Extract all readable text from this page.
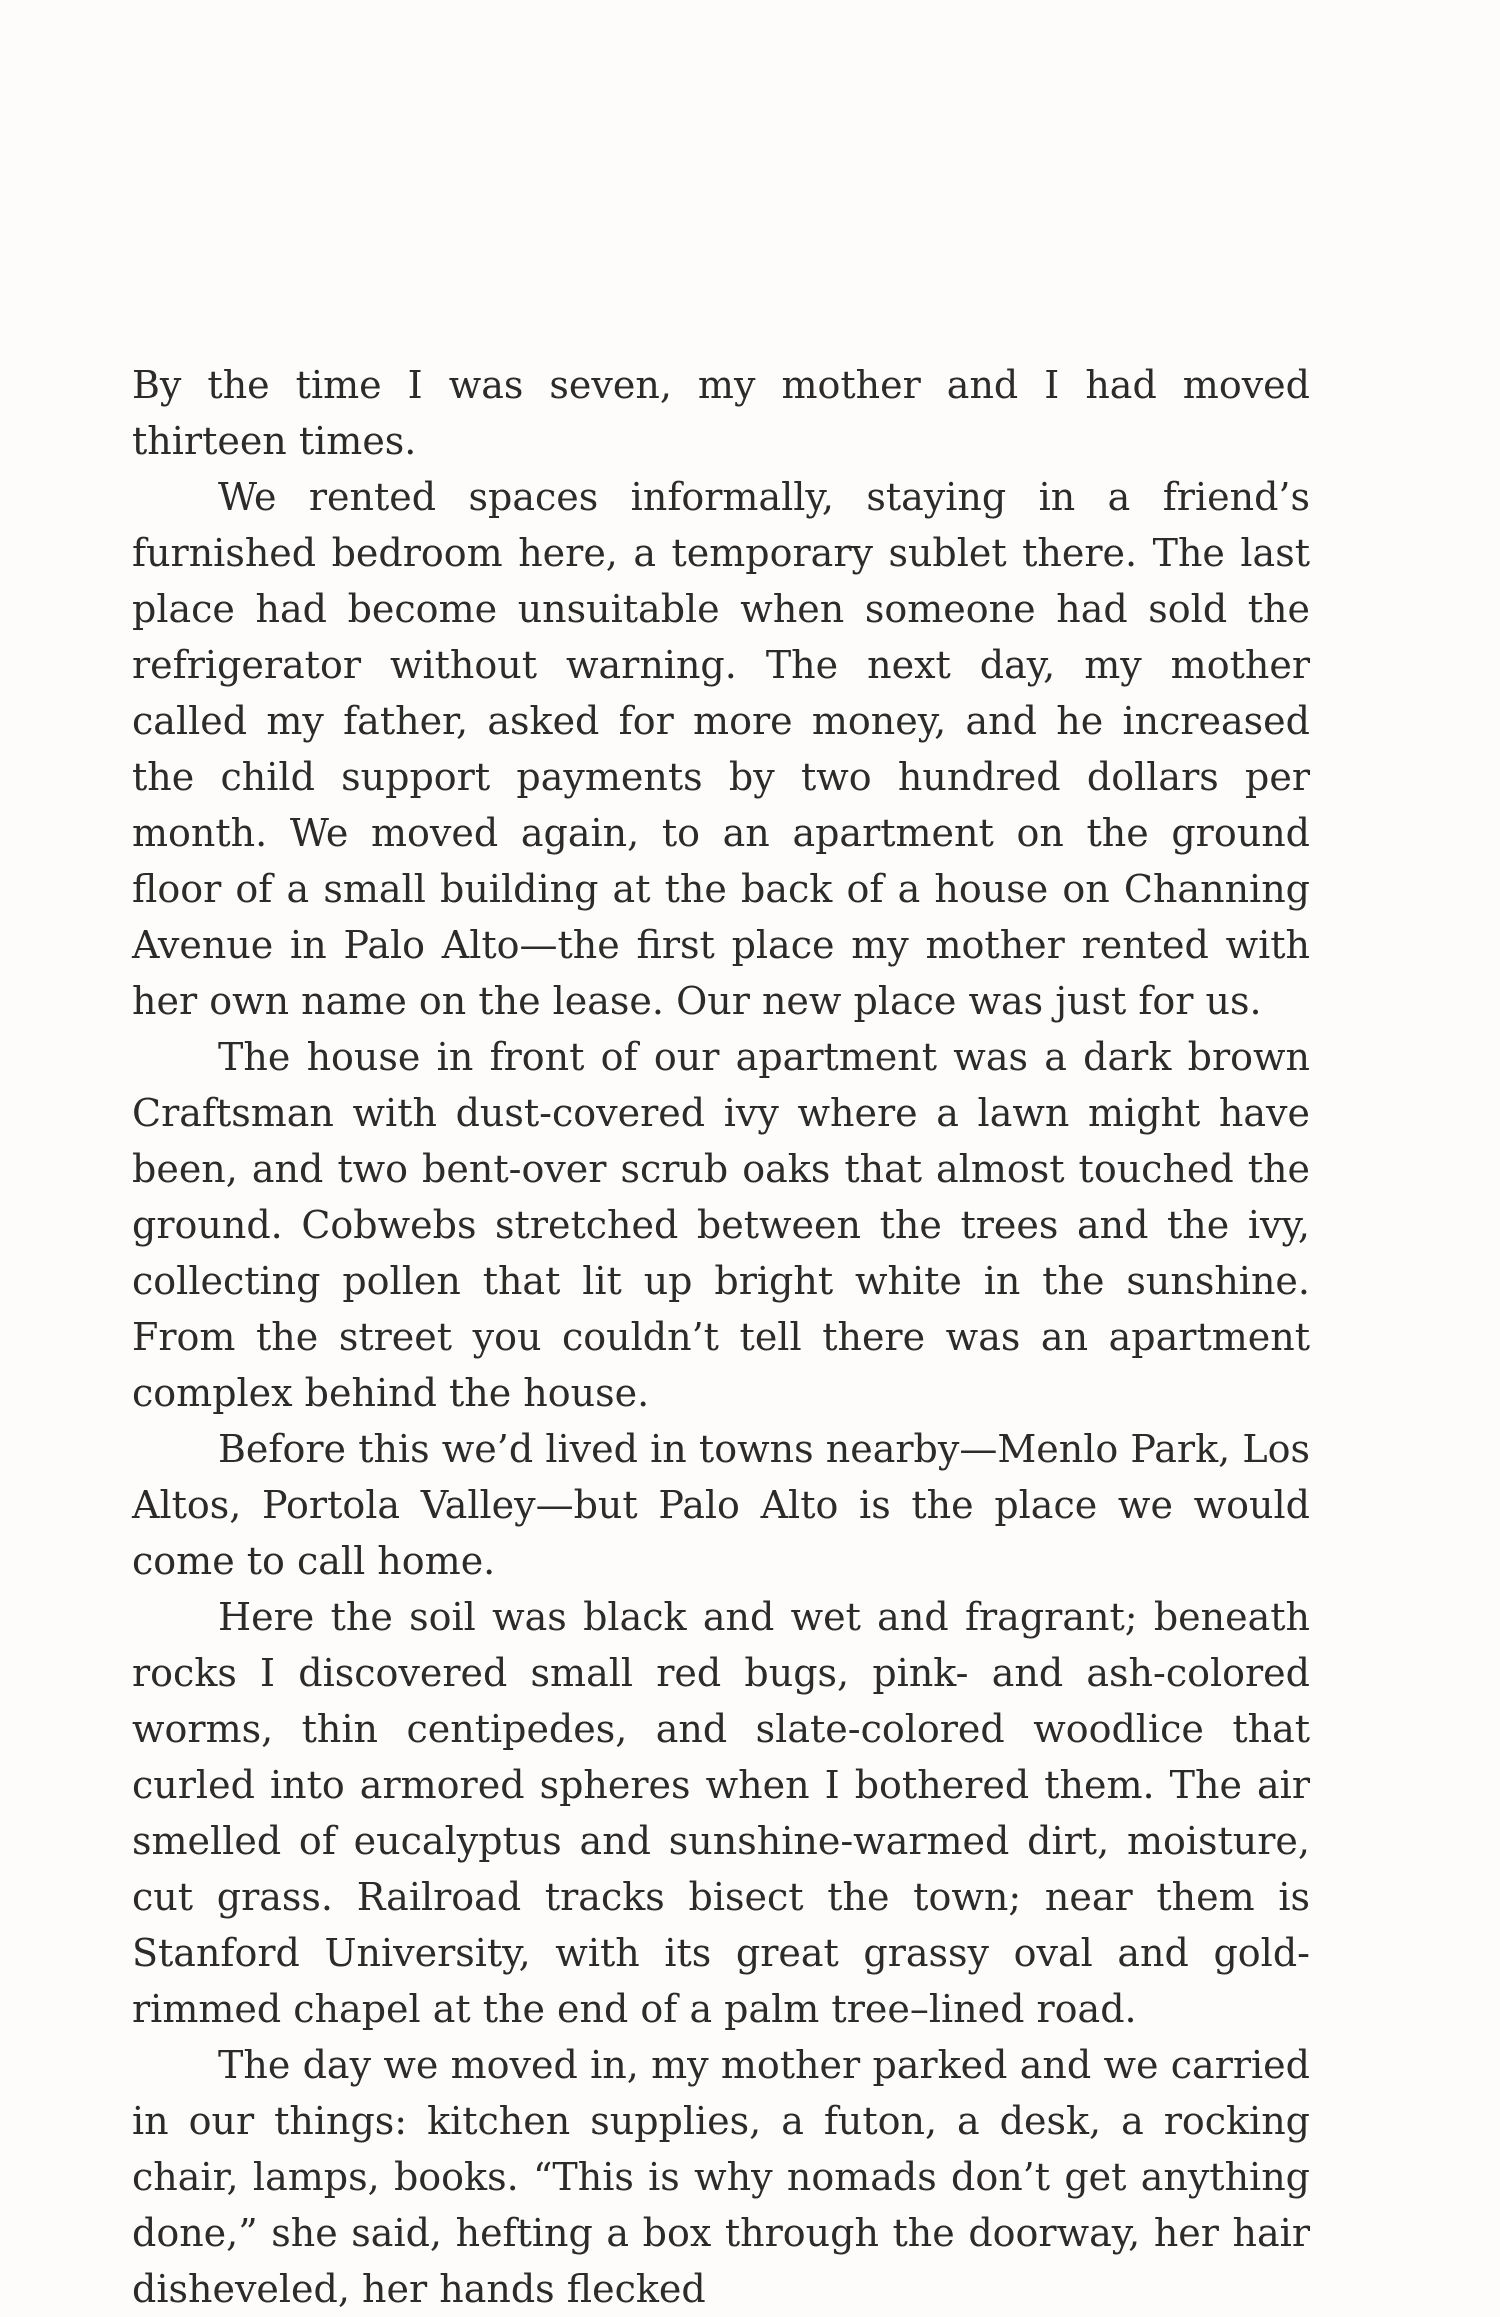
By the time I was seven, my mother and I had moved thirteen times.

We rented spaces informally, staying in a friend’s furnished bedroom here, a temporary sublet there. The last place had become unsuitable when someone had sold the refrigerator without warning. The next day, my mother called my father, asked for more money, and he increased the child support payments by two hundred dollars per month. We moved again, to an apartment on the ground floor of a small building at the back of a house on Channing Avenue in Palo Alto—the first place my mother rented with her own name on the lease. Our new place was just for us.

The house in front of our apartment was a dark brown Craftsman with dust-covered ivy where a lawn might have been, and two bent-over scrub oaks that almost touched the ground. Cobwebs stretched between the trees and the ivy, collecting pollen that lit up bright white in the sunshine. From the street you couldn’t tell there was an apartment complex behind the house.

Before this we’d lived in towns nearby—Menlo Park, Los Altos, Portola Valley—but Palo Alto is the place we would come to call home.

Here the soil was black and wet and fragrant; beneath rocks I discovered small red bugs, pink- and ash-colored worms, thin centipedes, and slate-colored woodlice that curled into armored spheres when I bothered them. The air smelled of eucalyptus and sunshine-warmed dirt, moisture, cut grass. Railroad tracks bisect the town; near them is Stanford University, with its great grassy oval and gold-rimmed chapel at the end of a palm tree–lined road.

The day we moved in, my mother parked and we carried in our things: kitchen supplies, a futon, a desk, a rocking chair, lamps, books. “This is why nomads don’t get anything done,” she said, hefting a box through the doorway, her hair disheveled, her hands flecked
